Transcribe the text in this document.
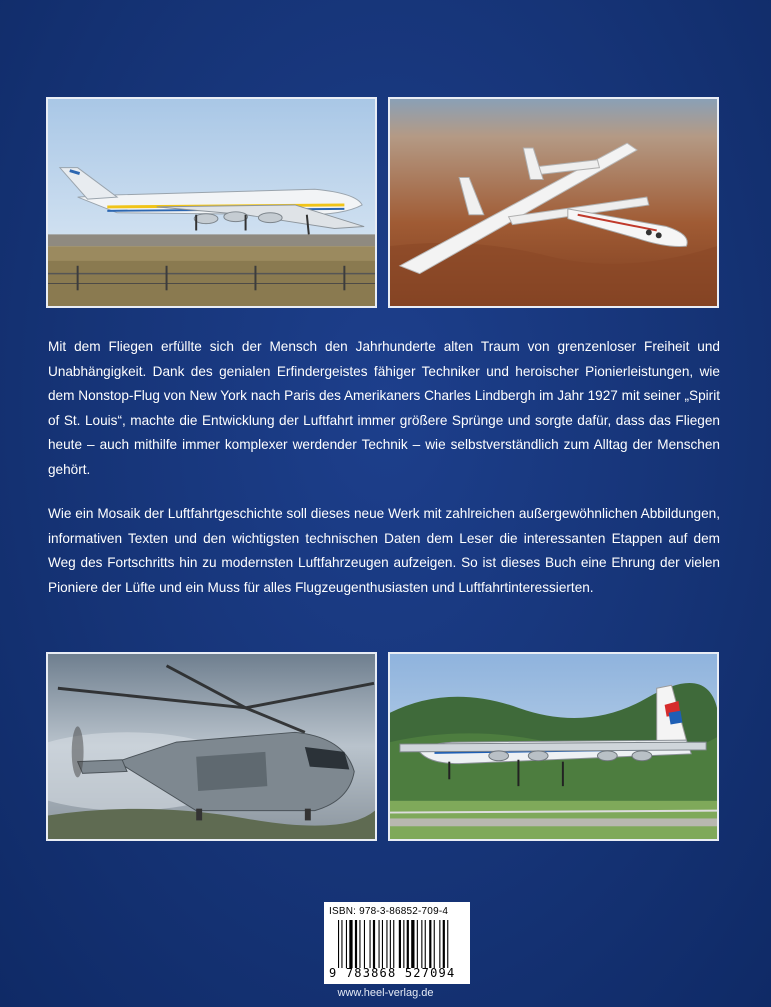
Mit dem Fliegen erfüllte sich der Mensch den Jahrhunderte alten Traum von grenzenloser Freiheit und Unabhängigkeit. Dank des genialen Erfindergeistes fähiger Techniker und heroischer Pionierleistungen, wie dem Nonstop-Flug von New York nach Paris des Amerikaners Charles Lindbergh im Jahr 1927 mit seiner „Spirit of St. Louis“, machte die Entwicklung der Luftfahrt immer größere Sprünge und sorgte dafür, dass das Fliegen heute – auch mithilfe immer komplexer werdender Technik – wie selbstverständlich zum Alltag der Menschen gehört.
Wie ein Mosaik der Luftfahrtgeschichte soll dieses neue Werk mit zahlreichen außergewöhnlichen Abbildungen, informativen Texten und den wichtigsten technischen Daten dem Leser die interessanten Etappen auf dem Weg des Fortschritts hin zu modernsten Luftfahrzeugen aufzeigen. So ist dieses Buch eine Ehrung der vielen Pioniere der Lüfte und ein Muss für alles Flugzeugenthusiasten und Luftfahrtinteressierten.
ISBN: 978-3-86852-709-4
9 783868 527094
€ (D) 14,99
www.heel-verlag.de
